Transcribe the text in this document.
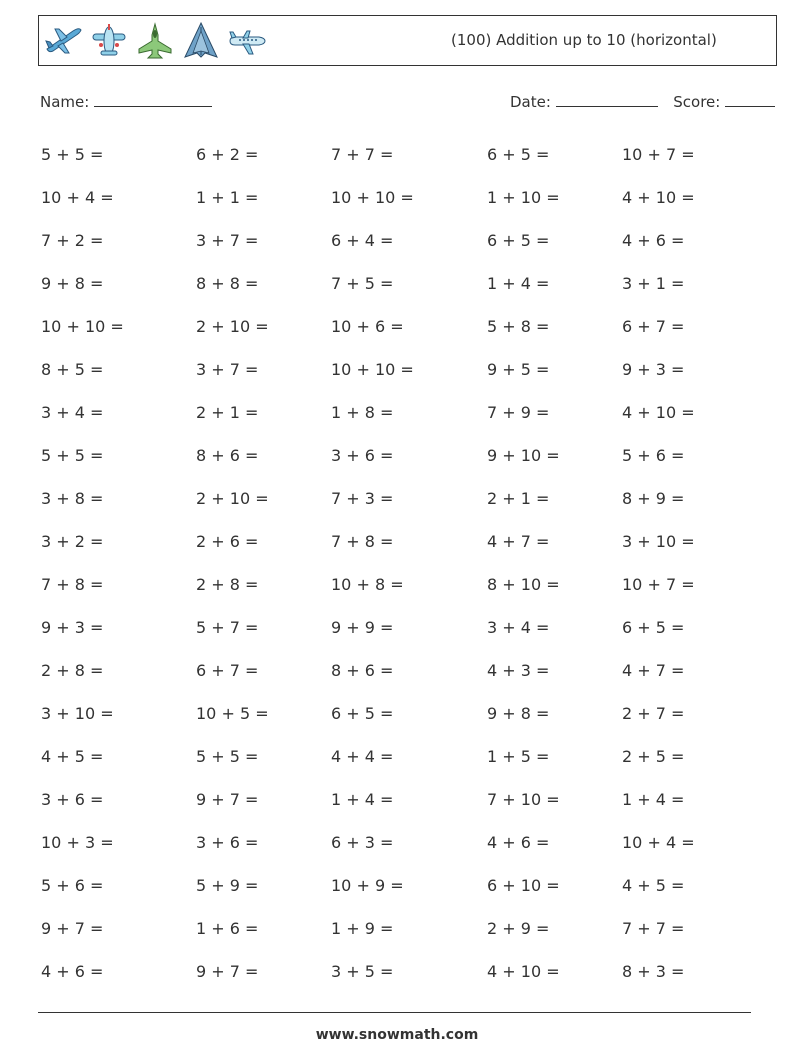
(100) Addition up to 10 (horizontal)
Name:	Date:	Score:
5 + 5 =	6 + 2 =	7 + 7 =	6 + 5 =	10 + 7 =
10 + 4 =	1 + 1 =	10 + 10 =	1 + 10 =	4 + 10 =
7 + 2 =	3 + 7 =	6 + 4 =	6 + 5 =	4 + 6 =
9 + 8 =	8 + 8 =	7 + 5 =	1 + 4 =	3 + 1 =
10 + 10 =	2 + 10 =	10 + 6 =	5 + 8 =	6 + 7 =
8 + 5 =	3 + 7 =	10 + 10 =	9 + 5 =	9 + 3 =
3 + 4 =	2 + 1 =	1 + 8 =	7 + 9 =	4 + 10 =
5 + 5 =	8 + 6 =	3 + 6 =	9 + 10 =	5 + 6 =
3 + 8 =	2 + 10 =	7 + 3 =	2 + 1 =	8 + 9 =
3 + 2 =	2 + 6 =	7 + 8 =	4 + 7 =	3 + 10 =
7 + 8 =	2 + 8 =	10 + 8 =	8 + 10 =	10 + 7 =
9 + 3 =	5 + 7 =	9 + 9 =	3 + 4 =	6 + 5 =
2 + 8 =	6 + 7 =	8 + 6 =	4 + 3 =	4 + 7 =
3 + 10 =	10 + 5 =	6 + 5 =	9 + 8 =	2 + 7 =
4 + 5 =	5 + 5 =	4 + 4 =	1 + 5 =	2 + 5 =
3 + 6 =	9 + 7 =	1 + 4 =	7 + 10 =	1 + 4 =
10 + 3 =	3 + 6 =	6 + 3 =	4 + 6 =	10 + 4 =
5 + 6 =	5 + 9 =	10 + 9 =	6 + 10 =	4 + 5 =
9 + 7 =	1 + 6 =	1 + 9 =	2 + 9 =	7 + 7 =
4 + 6 =	9 + 7 =	3 + 5 =	4 + 10 =	8 + 3 =
www.snowmath.com
